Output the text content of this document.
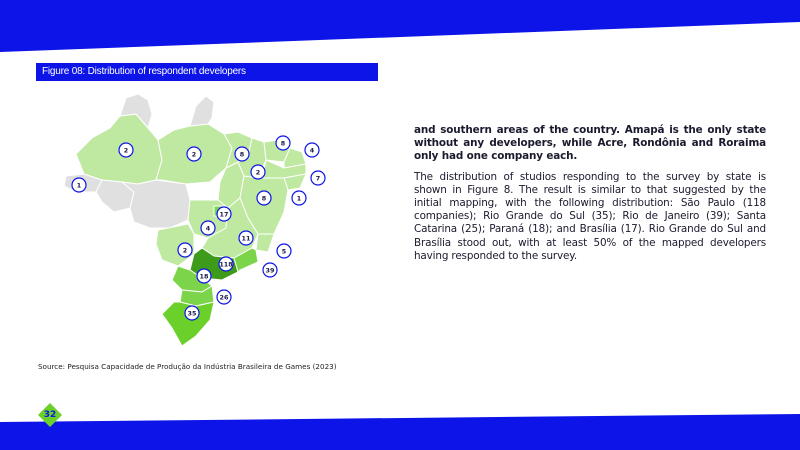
Figure 08: Distribution of respondent developers
2	2
1
8
8
4
2
7
8	1
17
4
11
2	5
118
39
18
26
35
Source: Pesquisa Capacidade de Produção da Indústria Brasileira de Games (2023)

and southern areas of the country. Amapá is the only state without any developers, while Acre, Rondônia and Roraima only had one company each.

The distribution of studios responding to the survey by state is shown in Figure 8. The result is similar to that suggested by the initial mapping, with the following distribution: São Paulo (118 companies); Rio Grande do Sul (35); Rio de Janeiro (39); Santa Catarina (25); Paraná (18); and Brasília (17). Rio Grande do Sul and Brasília stood out, with at least 50% of the mapped developers having responded to the survey.

32
